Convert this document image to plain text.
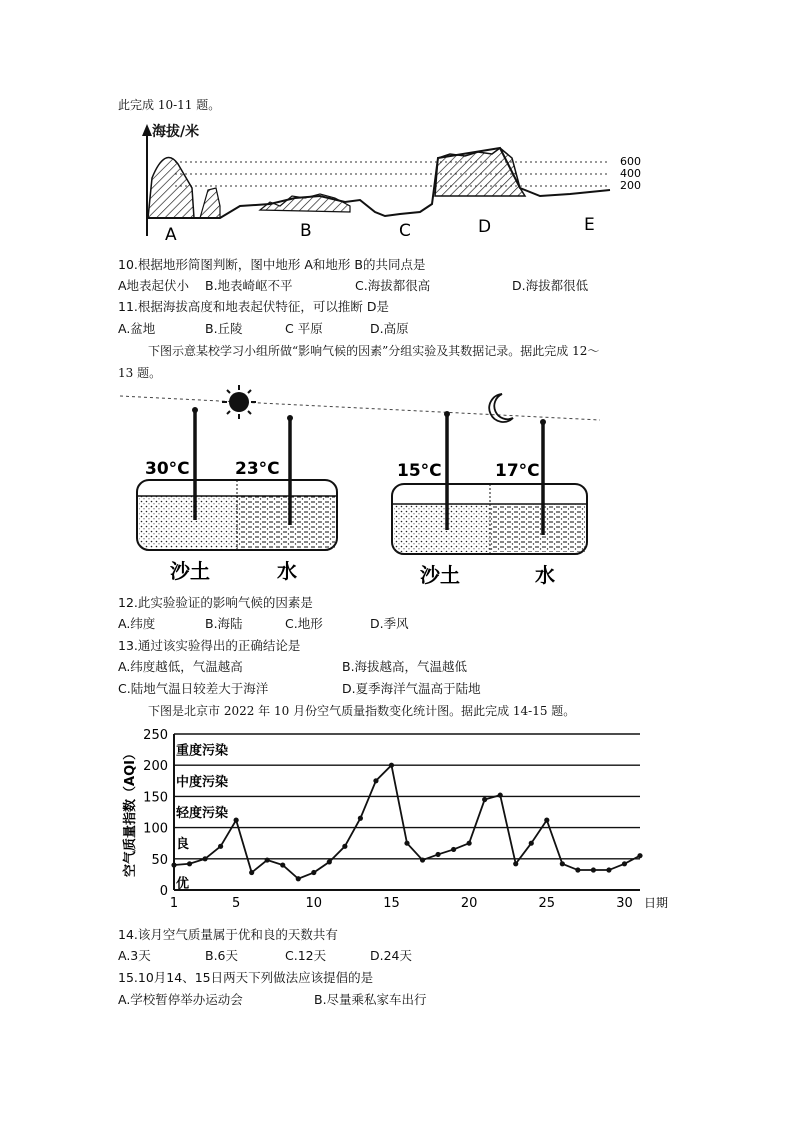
此完成 10-11 题。
海拔/米
600
400
200
A	B	C	D	E
10.根据地形简图判断，图中地形 A和地形 B的共同点是
A地表起伏小 B.地表崎岖不平	C.海拔都很高	D.海拔都很低
11.根据海拔高度和地表起伏特征，可以推断 D是
A.盆地	B.丘陵	C 平原	D.高原
下图示意某校学习小组所做“影响气候的因素”分组实验及其数据记录。据此完成 12～
13 题。
30°C	23°C
沙土	水
15°C	17°C
沙土	水
12.此实验验证的影响气候的因素是
A.纬度	B.海陆	C.地形	D.季风
13.通过该实验得出的正确结论是
A.纬度越低，气温越高	B.海拔越高，气温越低
C.陆地气温日较差大于海洋	D.夏季海洋气温高于陆地
下图是北京市 2022 年 10 月份空气质量指数变化统计图。据此完成 14-15 题。
优
良
轻度污染
中度污染
重度污染
0
50
100
150
200
250
1	5	10	15	20	25	30
空气质量指数（AQI）
日期
14.该月空气质量属于优和良的天数共有
A.3天	B.6天	C.12天	D.24天
15.10月14、15日两天下列做法应该提倡的是
A.学校暂停举办运动会	B.尽量乘私家车出行
